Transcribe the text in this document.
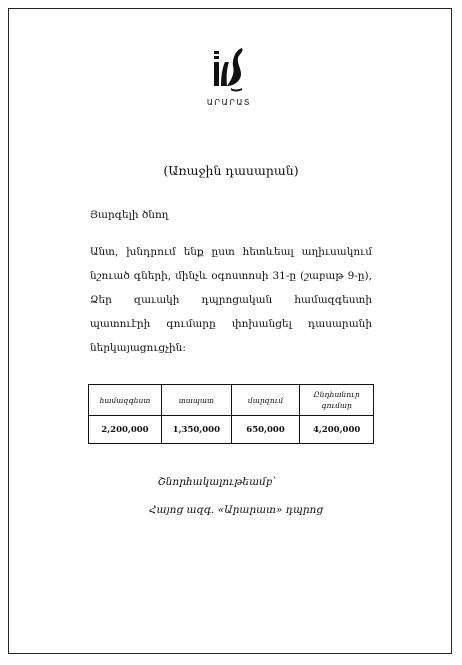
ԱՐԱՐԱՏ
(Առաջին դասարան)
Յարգելի ծնող

Անտ, խնդրում ենք ըստ հետևեալ աղիւսակում նշուած գների, մինչև օգոստոսի 31-ը (շաբաթ 9-ը), Ձեր զաւակի դպրոցական համազգեստի պատուէրի գումարը փոխանցել դասարանի ներկայացուցչին:

համազգեստ	տապատ	մարզում	Ընդհանուր գումար
2,200,000	1,350,000	650,000	4,200,000
Շնորհակալութեամբ՝
Հայոց ազգ. «Արարատ» դպրոց
